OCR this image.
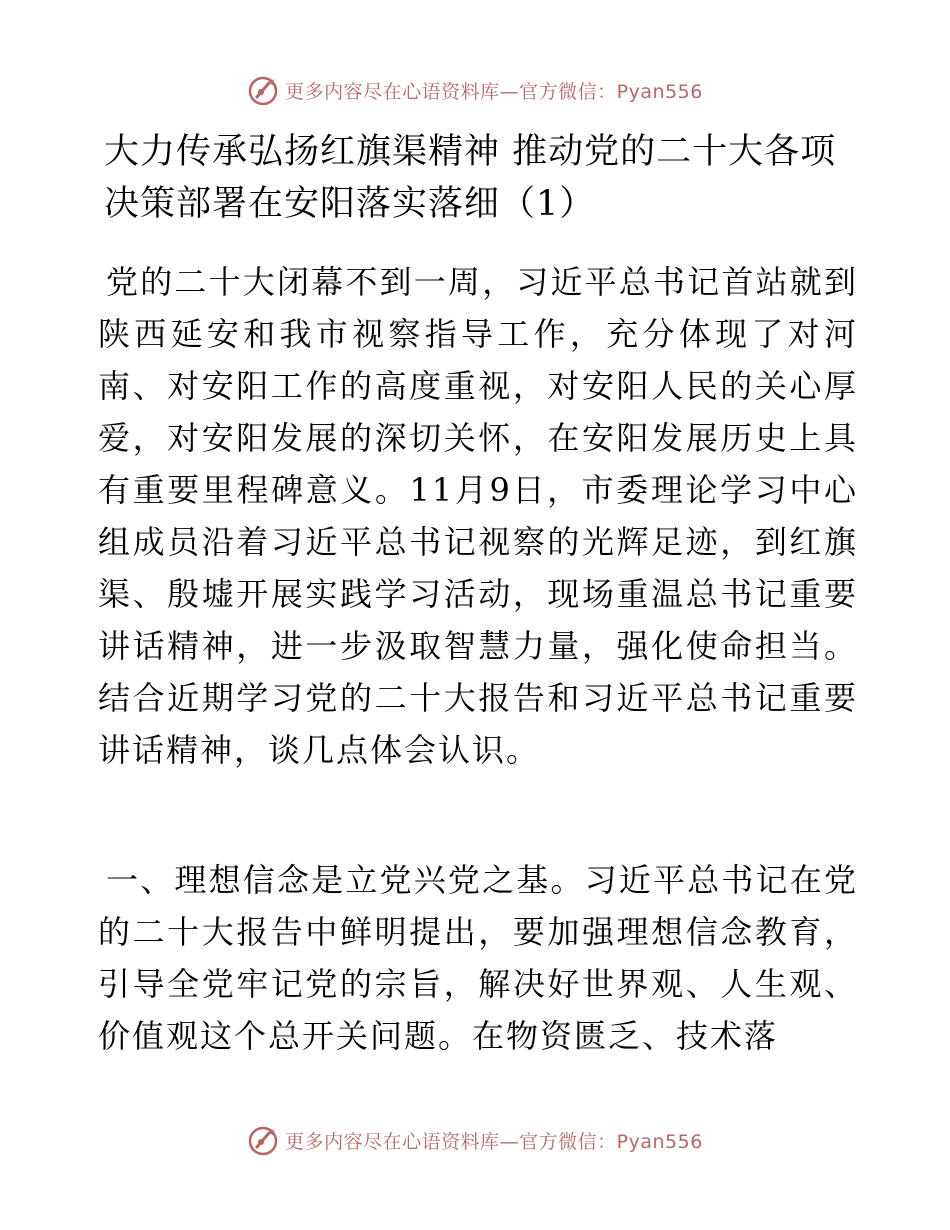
更多内容尽在心语资料库—官方微信：Pyan556
大力传承弘扬红旗渠精神 推动党的二十大各项决策部署在安阳落实落细（1）
党的二十大闭幕不到一周，习近平总书记首站就到陕西延安和我市视察指导工作，充分体现了对河南、对安阳工作的高度重视，对安阳人民的关心厚爱，对安阳发展的深切关怀，在安阳发展历史上具有重要里程碑意义。11月9日，市委理论学习中心组成员沿着习近平总书记视察的光辉足迹，到红旗渠、殷墟开展实践学习活动，现场重温总书记重要讲话精神，进一步汲取智慧力量，强化使命担当。结合近期学习党的二十大报告和习近平总书记重要讲话精神，谈几点体会认识。
一、理想信念是立党兴党之基。习近平总书记在党的二十大报告中鲜明提出，要加强理想信念教育，引导全党牢记党的宗旨，解决好世界观、人生观、价值观这个总开关问题。在物资匮乏、技术落
更多内容尽在心语资料库—官方微信：Pyan556
